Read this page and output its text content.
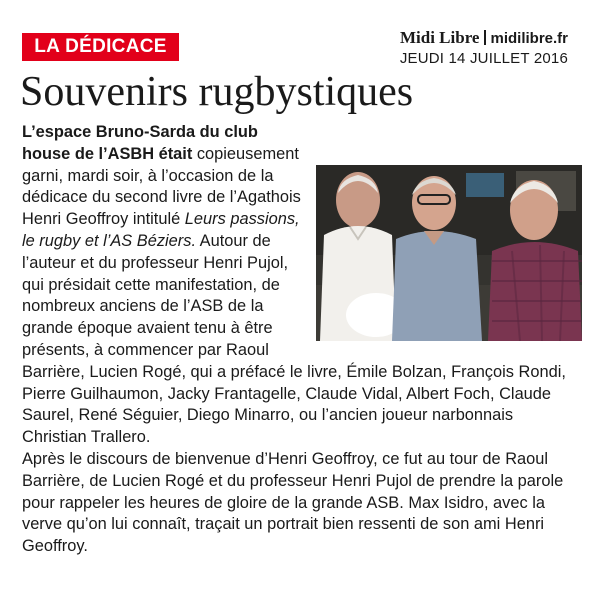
LA DÉDICACE	Midi Libre midilibre.fr
JEUDI 14 JUILLET 2016
Souvenirs rugbystiques

L’espace Bruno-Sarda du club house de l’ASBH était copieusement garni, mardi soir, à l’occasion de la dédicace du second livre de l’Agathois Henri Geoffroy intitulé Leurs passions, le rugby et l’AS Béziers. Autour de l’auteur et du professeur Henri Pujol, qui présidait cette manifestation, de nombreux anciens de l’ASB de la grande époque avaient tenu à être présents, à commencer par Raoul Barrière, Lucien Rogé, qui a préfacé le livre, Émile Bolzan, François Rondi, Pierre Guilhaumon, Jacky Frantagelle, Claude Vidal, Albert Foch, Claude Saurel, René Séguier, Diego Minarro, ou l’ancien joueur narbonnais Christian Trallero.

Après le discours de bienvenue d’Henri Geoffroy, ce fut au tour de Raoul Barrière, de Lucien Rogé et du professeur Henri Pujol de prendre la parole pour rappeler les heures de gloire de la grande ASB. Max Isidro, avec la verve qu’on lui connaît, traçait un portrait bien ressenti de son ami Henri Geoffroy.
